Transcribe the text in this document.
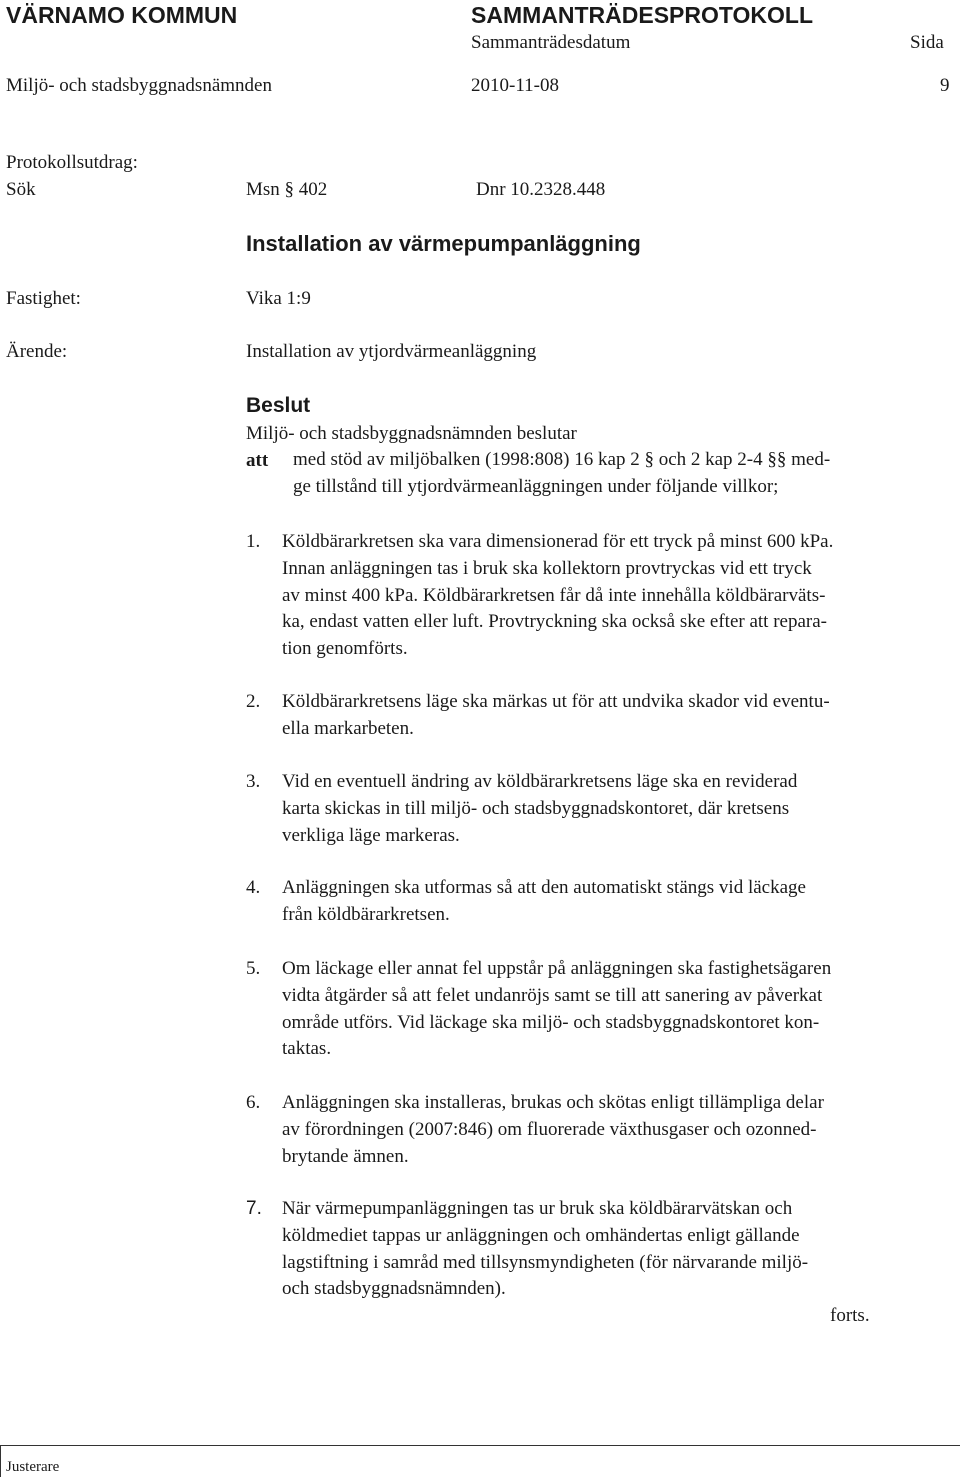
VÄRNAMO KOMMUN	SAMMANTRÄDESPROTOKOLL
Sammanträdesdatum	Sida
Miljö- och stadsbyggnadsnämnden	2010-11-08	9
Protokollsutdrag:
Sök	Msn § 402	Dnr 10.2328.448
Installation av värmepumpanläggning
Fastighet:	Vika 1:9
Ärende:	Installation av ytjordvärmeanläggning
Beslut
Miljö- och stadsbyggnadsnämnden beslutar
att med stöd av miljöbalken (1998:808) 16 kap 2 § och 2 kap 2-4 §§ med-
ge tillstånd till ytjordvärmeanläggningen under följande villkor;
1. Köldbärarkretsen ska vara dimensionerad för ett tryck på minst 600 kPa.
Innan anläggningen tas i bruk ska kollektorn provtryckas vid ett tryck
av minst 400 kPa. Köldbärarkretsen får då inte innehålla köldbärarväts-
ka, endast vatten eller luft. Provtryckning ska också ske efter att repara-
tion genomförts.
2. Köldbärarkretsens läge ska märkas ut för att undvika skador vid eventu-
ella markarbeten.
3. Vid en eventuell ändring av köldbärarkretsens läge ska en reviderad
karta skickas in till miljö- och stadsbyggnadskontoret, där kretsens
verkliga läge markeras.
4. Anläggningen ska utformas så att den automatiskt stängs vid läckage
från köldbärarkretsen.
5. Om läckage eller annat fel uppstår på anläggningen ska fastighetsägaren
vidta åtgärder så att felet undanröjs samt se till att sanering av påverkat
område utförs. Vid läckage ska miljö- och stadsbyggnadskontoret kon-
taktas.
6. Anläggningen ska installeras, brukas och skötas enligt tillämpliga delar
av förordningen (2007:846) om fluorerade växthusgaser och ozonned-
brytande ämnen.
7. När värmepumpanläggningen tas ur bruk ska köldbärarvätskan och
köldmediet tappas ur anläggningen och omhändertas enligt gällande
lagstiftning i samråd med tillsynsmyndigheten (för närvarande miljö-
och stadsbyggnadsnämnden).
forts.
Justerare
